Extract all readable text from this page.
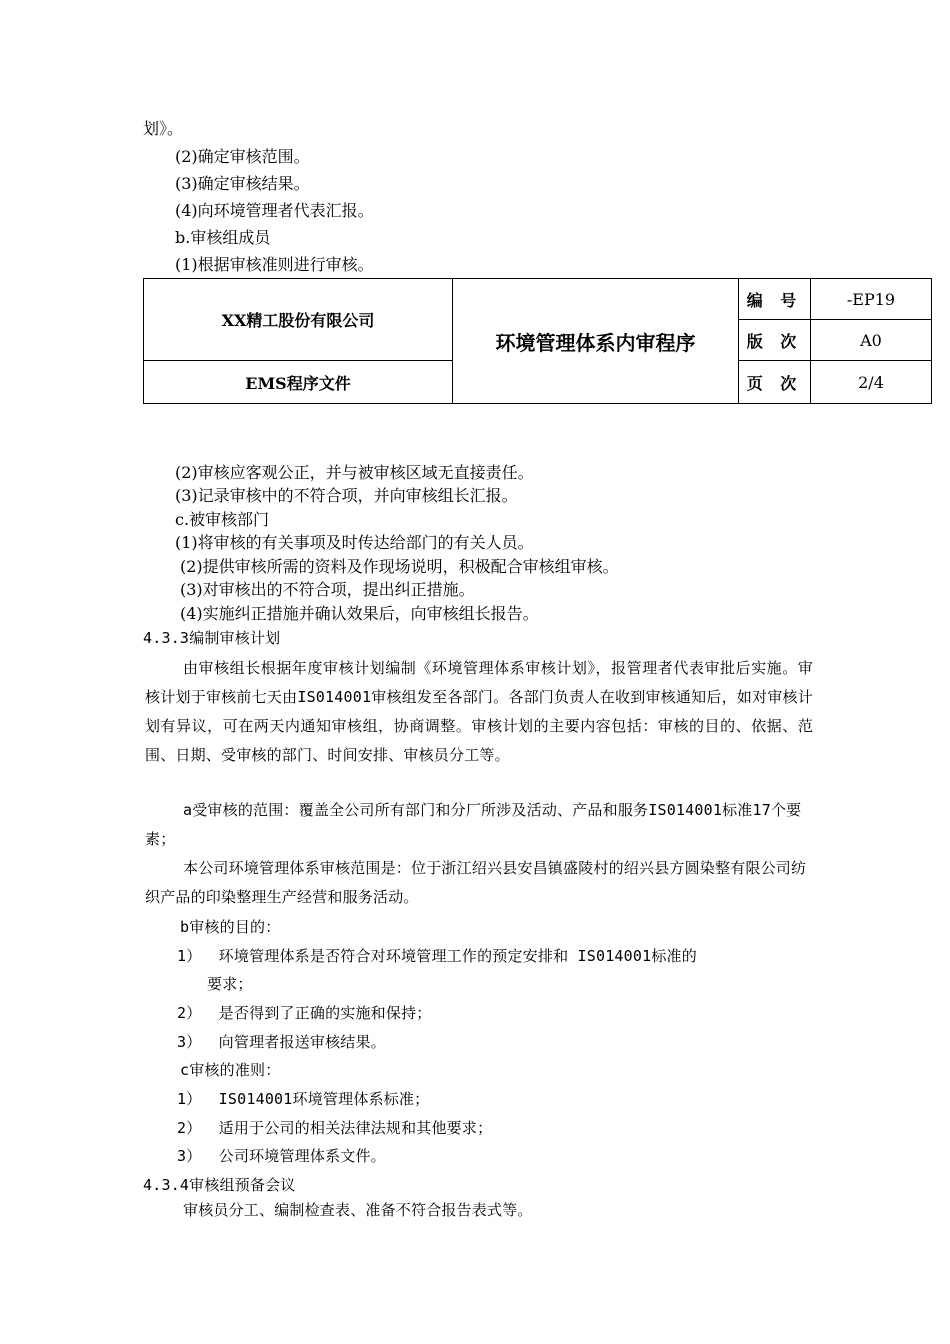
划》。
(2)确定审核范围。
(3)确定审核结果。
(4)向环境管理者代表汇报。
b.审核组成员
(1)根据审核准则进行审核。
XX精工股份有限公司	环境管理体系内审程序	编 号	-EP19
		版 次	A0
EMS程序文件		页 次	2/4
(2)审核应客观公正，并与被审核区域无直接责任。
(3)记录审核中的不符合项，并向审核组长汇报。
c.被审核部门
(1)将审核的有关事项及时传达给部门的有关人员。
(2)提供审核所需的资料及作现场说明，积极配合审核组审核。
(3)对审核出的不符合项，提出纠正措施。
(4)实施纠正措施并确认效果后，向审核组长报告。
4.3.3编制审核计划

由审核组长根据年度审核计划编制《环境管理体系审核计划》，报管理者代表审批后实施。审核计划于审核前七天由IS014001审核组发至各部门。各部门负责人在收到审核通知后，如对审核计划有异议，可在两天内通知审核组，协商调整。审核计划的主要内容包括：审核的目的、依据、范围、日期、受审核的部门、时间安排、审核员分工等。

a受审核的范围：覆盖全公司所有部门和分厂所涉及活动、产品和服务IS014001标准17个要素；

本公司环境管理体系审核范围是：位于浙江绍兴县安昌镇盛陵村的绍兴县方圆染整有限公司纺织产品的印染整理生产经营和服务活动。

b审核的目的：
1） 环境管理体系是否符合对环境管理工作的预定安排和 IS014001标准的
要求；
2） 是否得到了正确的实施和保持；
3） 向管理者报送审核结果。
c审核的准则：
1） IS014001环境管理体系标准；
2） 适用于公司的相关法律法规和其他要求；
3） 公司环境管理体系文件。
4.3.4审核组预备会议
审核员分工、编制检查表、准备不符合报告表式等。
